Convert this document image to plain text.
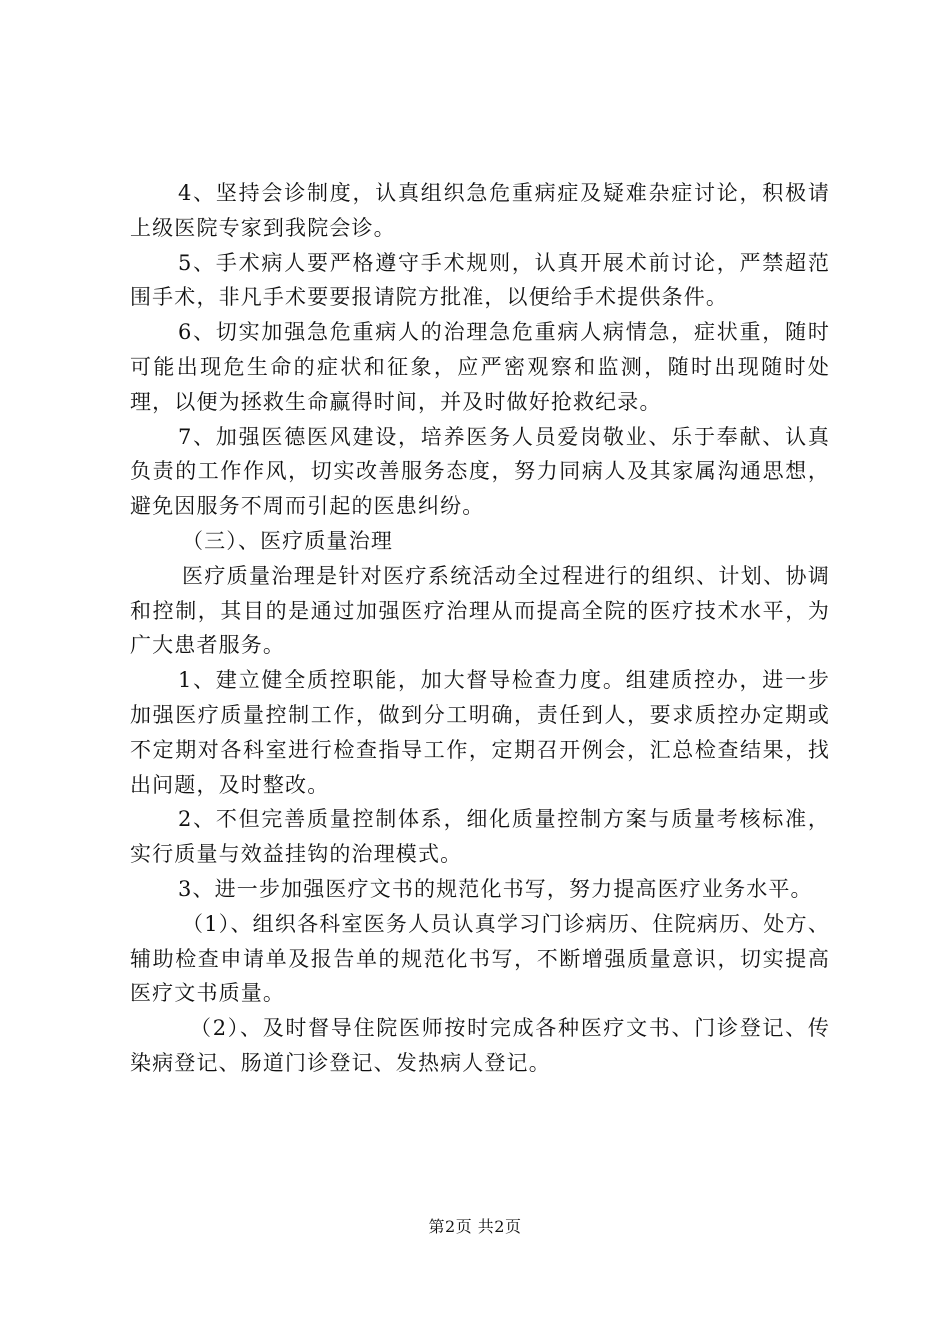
4、坚持会诊制度，认真组织急危重病症及疑难杂症讨论，积极请上级医院专家到我院会诊。

5、手术病人要严格遵守手术规则，认真开展术前讨论，严禁超范围手术，非凡手术要要报请院方批准，以便给手术提供条件。

6、切实加强急危重病人的治理急危重病人病情急，症状重，随时可能出现危生命的症状和征象，应严密观察和监测，随时出现随时处理，以便为拯救生命赢得时间，并及时做好抢救纪录。

7、加强医德医风建设，培养医务人员爱岗敬业、乐于奉献、认真负责的工作作风，切实改善服务态度，努力同病人及其家属沟通思想，避免因服务不周而引起的医患纠纷。

（三）、医疗质量治理

医疗质量治理是针对医疗系统活动全过程进行的组织、计划、协调和控制，其目的是通过加强医疗治理从而提高全院的医疗技术水平，为广大患者服务。

1、建立健全质控职能，加大督导检查力度。组建质控办，进一步加强医疗质量控制工作，做到分工明确，责任到人，要求质控办定期或不定期对各科室进行检查指导工作，定期召开例会，汇总检查结果，找出问题，及时整改。

2、不但完善质量控制体系，细化质量控制方案与质量考核标准，实行质量与效益挂钩的治理模式。

3、进一步加强医疗文书的规范化书写，努力提高医疗业务水平。

（1）、组织各科室医务人员认真学习门诊病历、住院病历、处方、辅助检查申请单及报告单的规范化书写，不断增强质量意识，切实提高医疗文书质量。

（2）、及时督导住院医师按时完成各种医疗文书、门诊登记、传染病登记、肠道门诊登记、发热病人登记。

第2页 共2页
